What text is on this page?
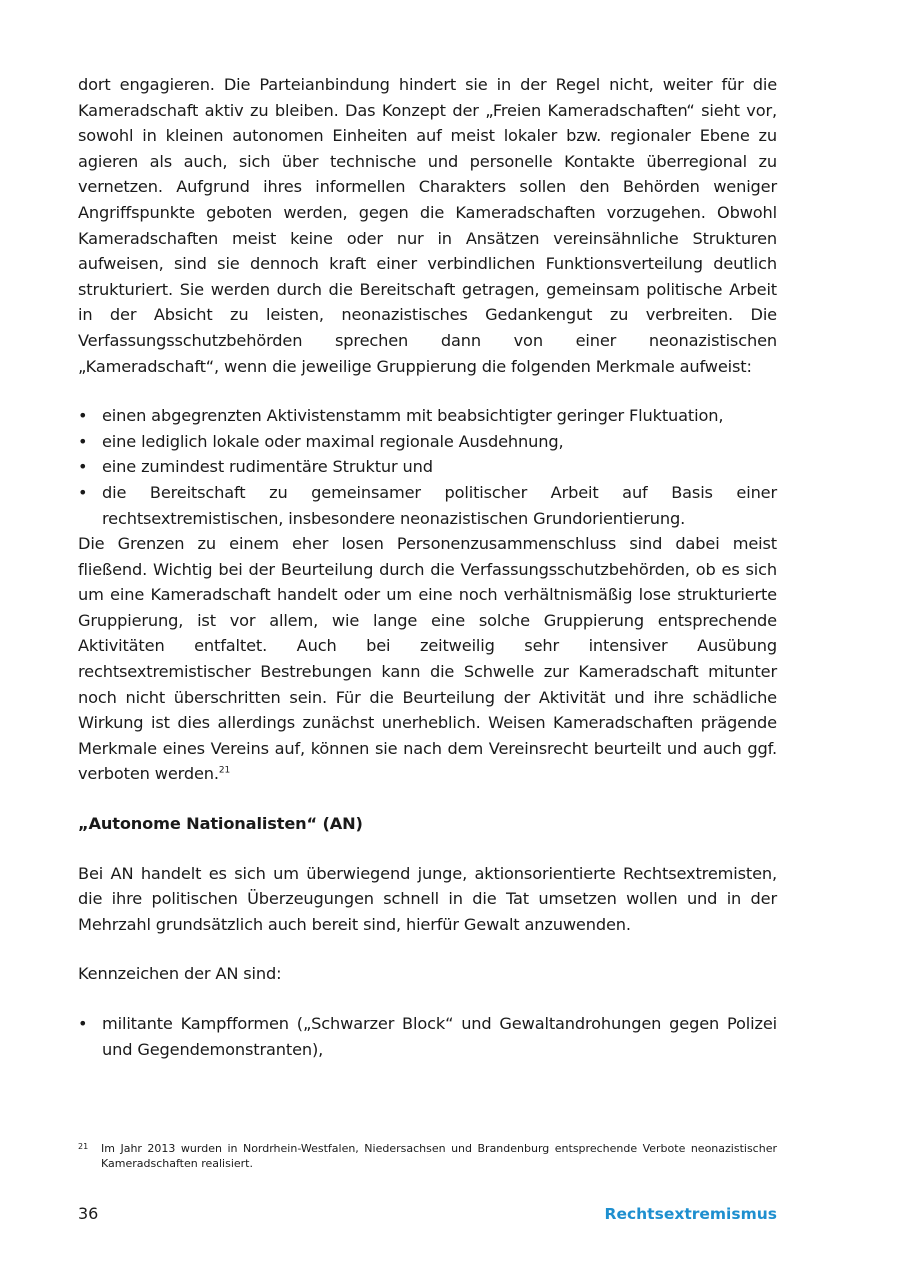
dort engagieren. Die Parteianbindung hindert sie in der Regel nicht, weiter für die Kameradschaft aktiv zu bleiben. Das Konzept der „Freien Kameradschaften“ sieht vor, sowohl in kleinen autonomen Einheiten auf meist lokaler bzw. regionaler Ebene zu agieren als auch, sich über technische und personelle Kontakte überregional zu vernetzen. Aufgrund ihres informellen Charakters sollen den Behörden weniger Angriffspunkte geboten werden, gegen die Kameradschaften vorzugehen. Obwohl Kameradschaften meist keine oder nur in Ansätzen vereinsähnliche Strukturen aufweisen, sind sie dennoch kraft einer verbindlichen Funktionsverteilung deutlich strukturiert. Sie werden durch die Bereitschaft getragen, gemeinsam politische Arbeit in der Absicht zu leisten, neonazistisches Gedankengut zu verbreiten. Die Verfassungsschutzbehörden sprechen dann von einer neonazistischen „Kameradschaft“, wenn die jeweilige Gruppierung die folgenden Merkmale aufweist:

• einen abgegrenzten Aktivistenstamm mit beabsichtigter geringer Fluktuation,
• eine lediglich lokale oder maximal regionale Ausdehnung,
• eine zumindest rudimentäre Struktur und
• die Bereitschaft zu gemeinsamer politischer Arbeit auf Basis einer rechtsextremistischen, insbesondere neonazistischen Grundorientierung.

Die Grenzen zu einem eher losen Personenzusammenschluss sind dabei meist fließend. Wichtig bei der Beurteilung durch die Verfassungsschutzbehörden, ob es sich um eine Kameradschaft handelt oder um eine noch verhältnismäßig lose strukturierte Gruppierung, ist vor allem, wie lange eine solche Gruppierung entsprechende Aktivitäten entfaltet. Auch bei zeitweilig sehr intensiver Ausübung rechtsextremistischer Bestrebungen kann die Schwelle zur Kameradschaft mitunter noch nicht überschritten sein. Für die Beurteilung der Aktivität und ihre schädliche Wirkung ist dies allerdings zunächst unerheblich. Weisen Kameradschaften prägende Merkmale eines Vereins auf, können sie nach dem Vereinsrecht beurteilt und auch ggf. verboten werden.$^{21}$

„Autonome Nationalisten“ (AN)

Bei AN handelt es sich um überwiegend junge, aktionsorientierte Rechtsextremisten, die ihre politischen Überzeugungen schnell in die Tat umsetzen wollen und in der Mehrzahl grundsätzlich auch bereit sind, hierfür Gewalt anzuwenden.

Kennzeichen der AN sind:

• militante Kampfformen („Schwarzer Block“ und Gewaltandrohungen gegen Polizei und Gegendemonstranten),
21 Im Jahr 2013 wurden in Nordrhein-Westfalen, Niedersachsen und Brandenburg entsprechende Verbote neonazistischer Kameradschaften realisiert.
36	Rechtsextremismus
